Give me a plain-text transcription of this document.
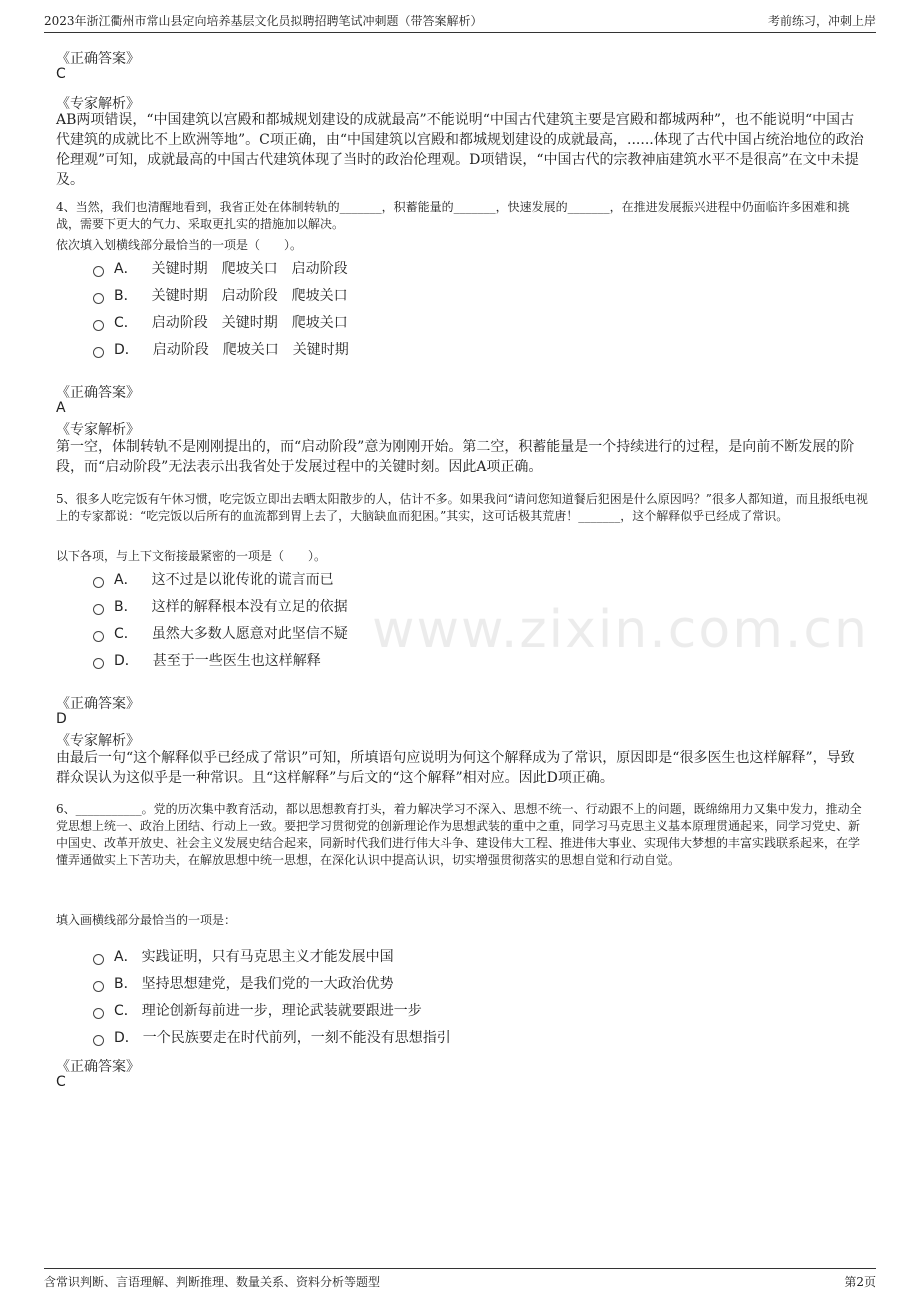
2023年浙江衢州市常山县定向培养基层文化员拟聘招聘笔试冲刺题（带答案解析）	考前练习，冲刺上岸
www.zixin.com.cn
《正确答案》
C
《专家解析》
AB两项错误，“中国建筑以宫殿和都城规划建设的成就最高”不能说明“中国古代建筑主要是宫殿和都城两种”，也不能说明“中国古代建筑的成就比不上欧洲等地”。C项正确，由“中国建筑以宫殿和都城规划建设的成就最高，......体现了古代中国占统治地位的政治伦理观”可知，成就最高的中国古代建筑体现了当时的政治伦理观。D项错误，“中国古代的宗教神庙建筑水平不是很高”在文中未提及。
4、当然，我们也清醒地看到，我省正处在体制转轨的_______，积蓄能量的_______，快速发展的_______，在推进发展振兴进程中仍面临许多困难和挑战，需要下更大的气力、采取更扎实的措施加以解决。
依次填入划横线部分最恰当的一项是（　　）。
A． 关键时期　爬坡关口　启动阶段
B． 关键时期　启动阶段　爬坡关口
C． 启动阶段　关键时期　爬坡关口
D． 启动阶段　爬坡关口　关键时期
《正确答案》
A
《专家解析》
第一空，体制转轨不是刚刚提出的，而“启动阶段”意为刚刚开始。第二空，积蓄能量是一个持续进行的过程，是向前不断发展的阶段，而“启动阶段”无法表示出我省处于发展过程中的关键时刻。因此A项正确。
5、很多人吃完饭有午休习惯，吃完饭立即出去晒太阳散步的人，估计不多。如果我问“请问您知道餐后犯困是什么原因吗？”很多人都知道，而且报纸电视上的专家都说：“吃完饭以后所有的血流都到胃上去了，大脑缺血而犯困。”其实，这可话极其荒唐！_______，这个解释似乎已经成了常识。
以下各项，与上下文衔接最紧密的一项是（　　）。
A． 这不过是以讹传讹的谎言而已
B． 这样的解释根本没有立足的依据
C． 虽然大多数人愿意对此坚信不疑
D． 甚至于一些医生也这样解释
《正确答案》
D
《专家解析》
由最后一句“这个解释似乎已经成了常识”可知，所填语句应说明为何这个解释成为了常识，原因即是“很多医生也这样解释”，导致群众误认为这似乎是一种常识。且“这样解释”与后文的“这个解释”相对应。因此D项正确。
6、___________。党的历次集中教育活动，都以思想教育打头，着力解决学习不深入、思想不统一、行动跟不上的问题，既绵绵用力又集中发力，推动全党思想上统一、政治上团结、行动上一致。要把学习贯彻党的创新理论作为思想武装的重中之重，同学习马克思主义基本原理贯通起来，同学习党史、新中国史、改革开放史、社会主义发展史结合起来，同新时代我们进行伟大斗争、建设伟大工程、推进伟大事业、实现伟大梦想的丰富实践联系起来，在学懂弄通做实上下苦功夫，在解放思想中统一思想，在深化认识中提高认识，切实增强贯彻落实的思想自觉和行动自觉。
填入画横线部分最恰当的一项是：
A． 实践证明，只有马克思主义才能发展中国
B． 坚持思想建党，是我们党的一大政治优势
C． 理论创新每前进一步，理论武装就要跟进一步
D． 一个民族要走在时代前列，一刻不能没有思想指引
《正确答案》
C
含常识判断、言语理解、判断推理、数量关系、资料分析等题型	第2页
